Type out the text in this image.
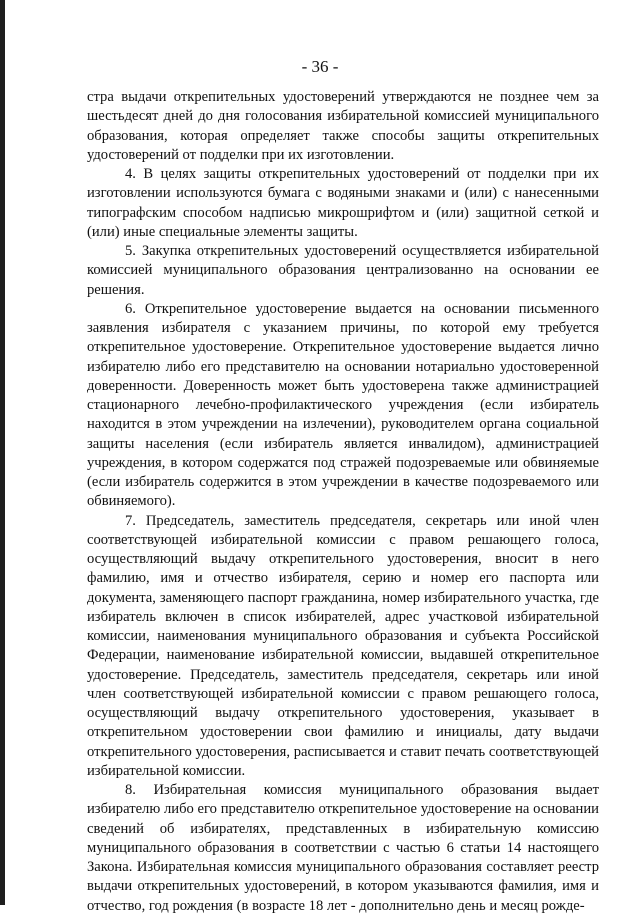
- 36 -

стра выдачи открепительных удостоверений утверждаются не позднее чем за шестьдесят дней до дня голосования избирательной комиссией муниципального образования, которая определяет также способы защиты открепительных удостоверений от подделки при их изготовлении.

4. В целях защиты открепительных удостоверений от подделки при их изготовлении используются бумага с водяными знаками и (или) с нанесенными типографским способом надписью микрошрифтом и (или) защитной сеткой и (или) иные специальные элементы защиты.

5. Закупка открепительных удостоверений осуществляется избирательной комиссией муниципального образования централизованно на основании ее решения.

6. Открепительное удостоверение выдается на основании письменного заявления избирателя с указанием причины, по которой ему требуется открепительное удостоверение. Открепительное удостоверение выдается лично избирателю либо его представителю на основании нотариально удостоверенной доверенности. Доверенность может быть удостоверена также администрацией стационарного лечебно-профилактического учреждения (если избиратель находится в этом учреждении на излечении), руководителем органа социальной защиты населения (если избиратель является инвалидом), администрацией учреждения, в котором содержатся под стражей подозреваемые или обвиняемые (если избиратель содержится в этом учреждении в качестве подозреваемого или обвиняемого).

7. Председатель, заместитель председателя, секретарь или иной член соответствующей избирательной комиссии с правом решающего голоса, осуществляющий выдачу открепительного удостоверения, вносит в него фамилию, имя и отчество избирателя, серию и номер его паспорта или документа, заменяющего паспорт гражданина, номер избирательного участка, где избиратель включен в список избирателей, адрес участковой избирательной комиссии, наименования муниципального образования и субъекта Российской Федерации, наименование избирательной комиссии, выдавшей открепительное удостоверение. Председатель, заместитель председателя, секретарь или иной член соответствующей избирательной комиссии с правом решающего голоса, осуществляющий выдачу открепительного удостоверения, указывает в открепительном удостоверении свои фамилию и инициалы, дату выдачи открепительного удостоверения, расписывается и ставит печать соответствующей избирательной комиссии.

8. Избирательная комиссия муниципального образования выдает избирателю либо его представителю открепительное удостоверение на основании сведений об избирателях, представленных в избирательную комиссию муниципального образования в соответствии с частью 6 статьи 14 настоящего Закона. Избирательная комиссия муниципального образования составляет реестр выдачи открепительных удостоверений, в котором указываются фамилия, имя и отчество, год рождения (в возрасте 18 лет - дополнительно день и месяц рожде-
